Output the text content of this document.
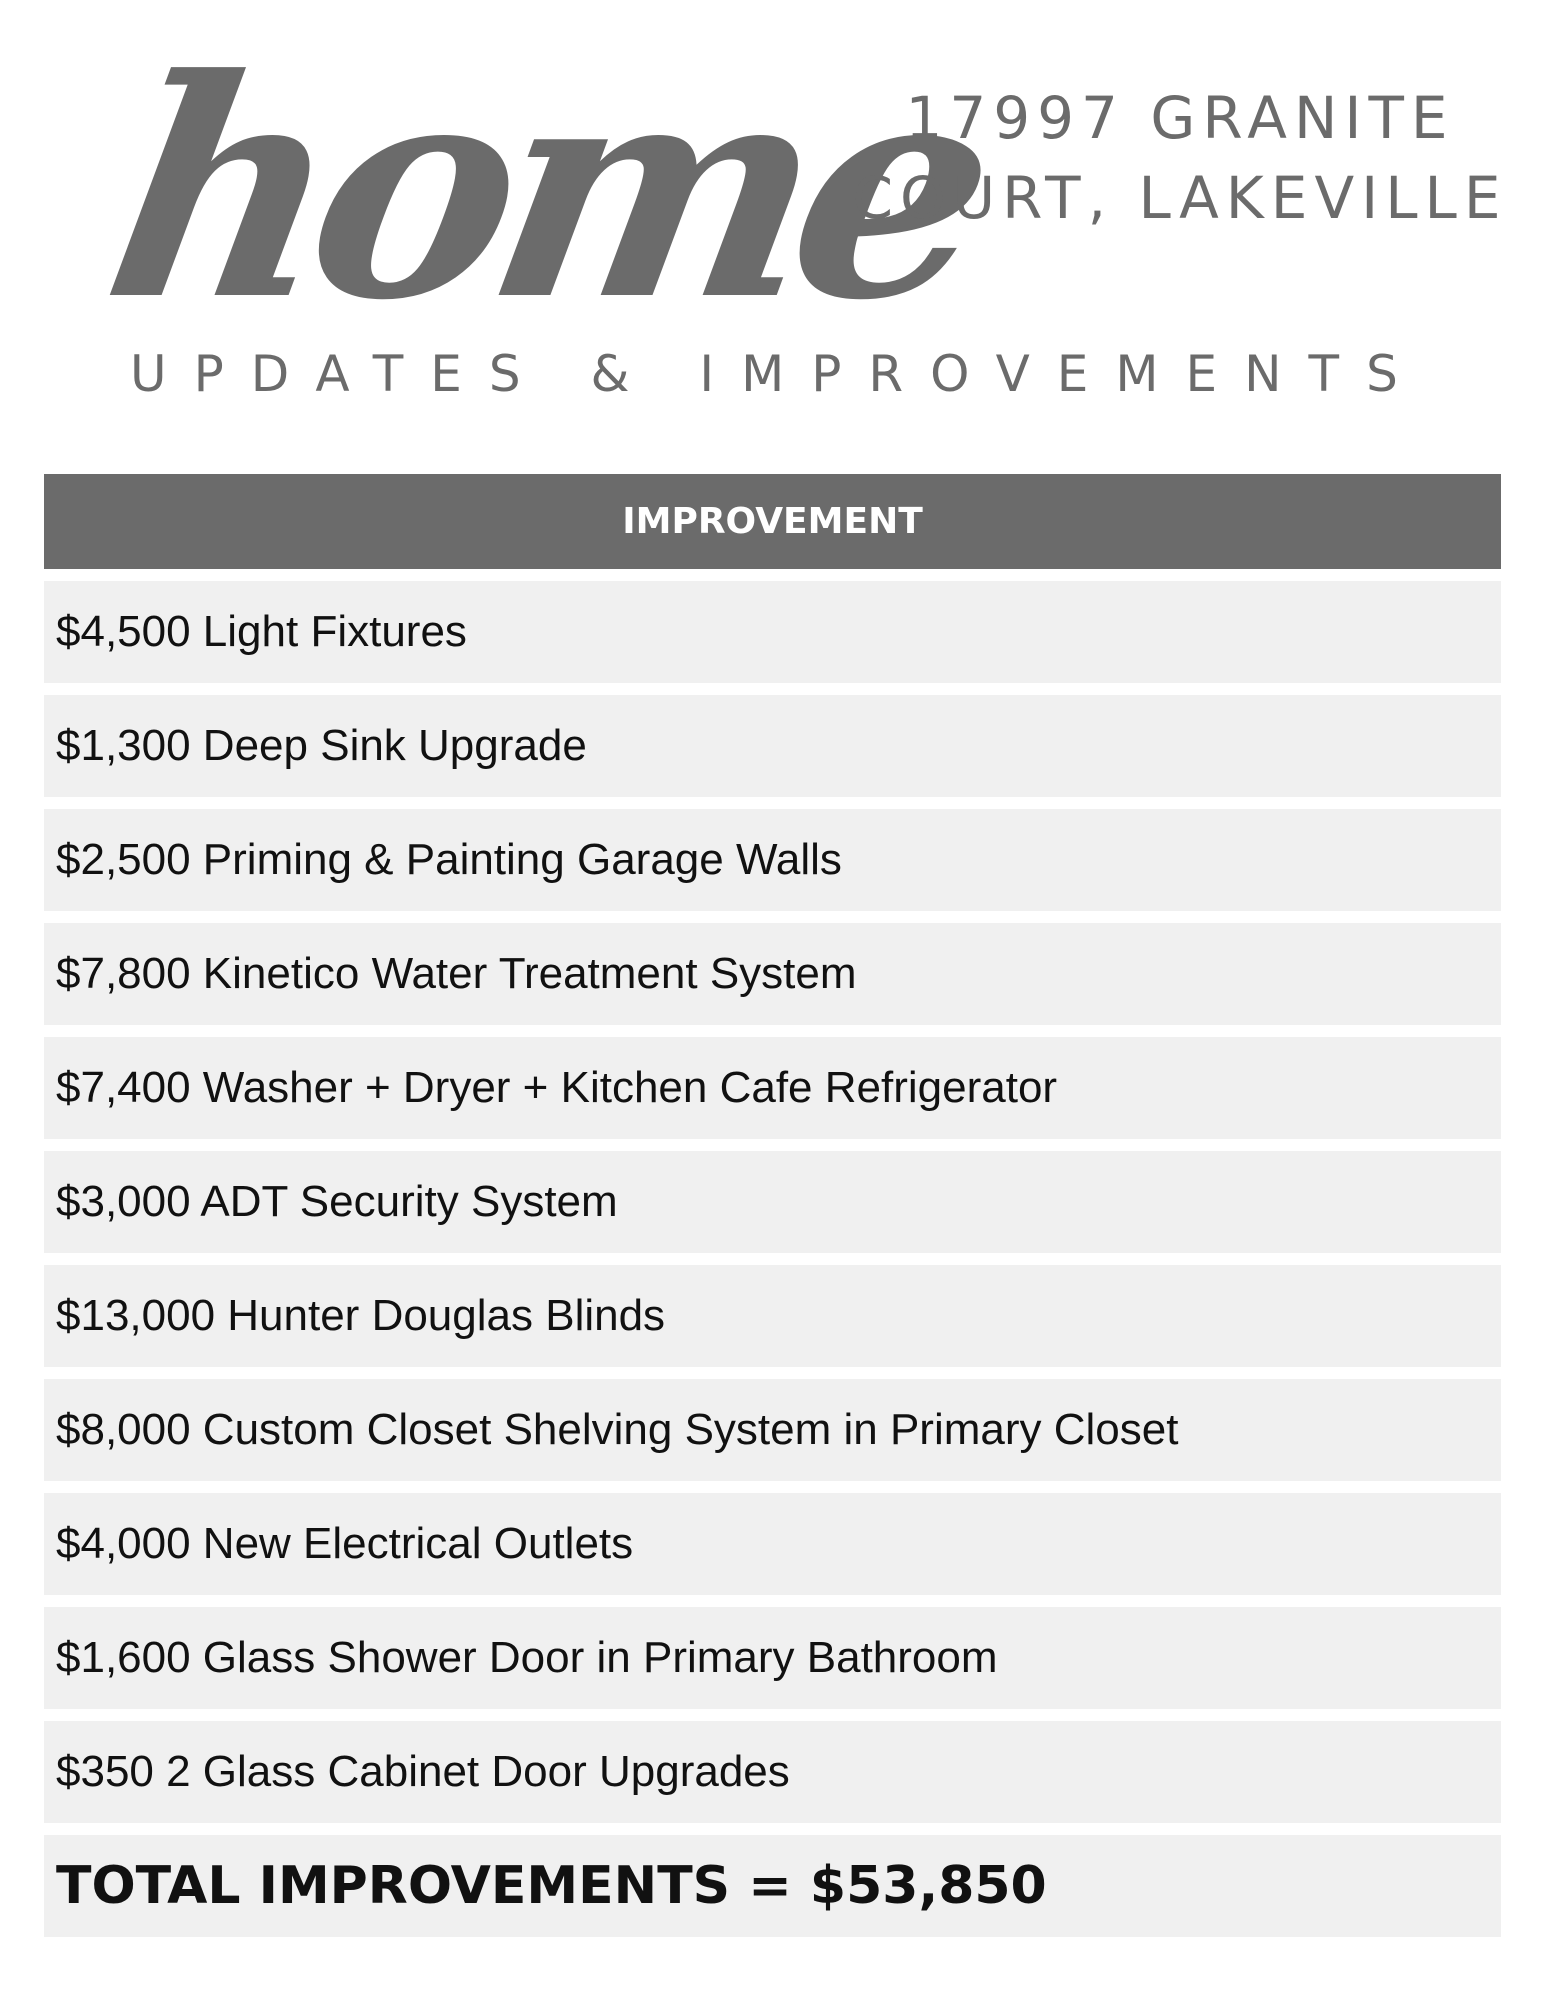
home
17997 GRANITE
COURT, LAKEVILLE
UPDATES & IMPROVEMENTS
IMPROVEMENT
$4,500 Light Fixtures
$1,300 Deep Sink Upgrade
$2,500 Priming & Painting Garage Walls
$7,800 Kinetico Water Treatment System
$7,400 Washer + Dryer + Kitchen Cafe Refrigerator
$3,000 ADT Security System
$13,000 Hunter Douglas Blinds
$8,000 Custom Closet Shelving System in Primary Closet
$4,000 New Electrical Outlets
$1,600 Glass Shower Door in Primary Bathroom
$350 2 Glass Cabinet Door Upgrades
TOTAL IMPROVEMENTS = $53,850
